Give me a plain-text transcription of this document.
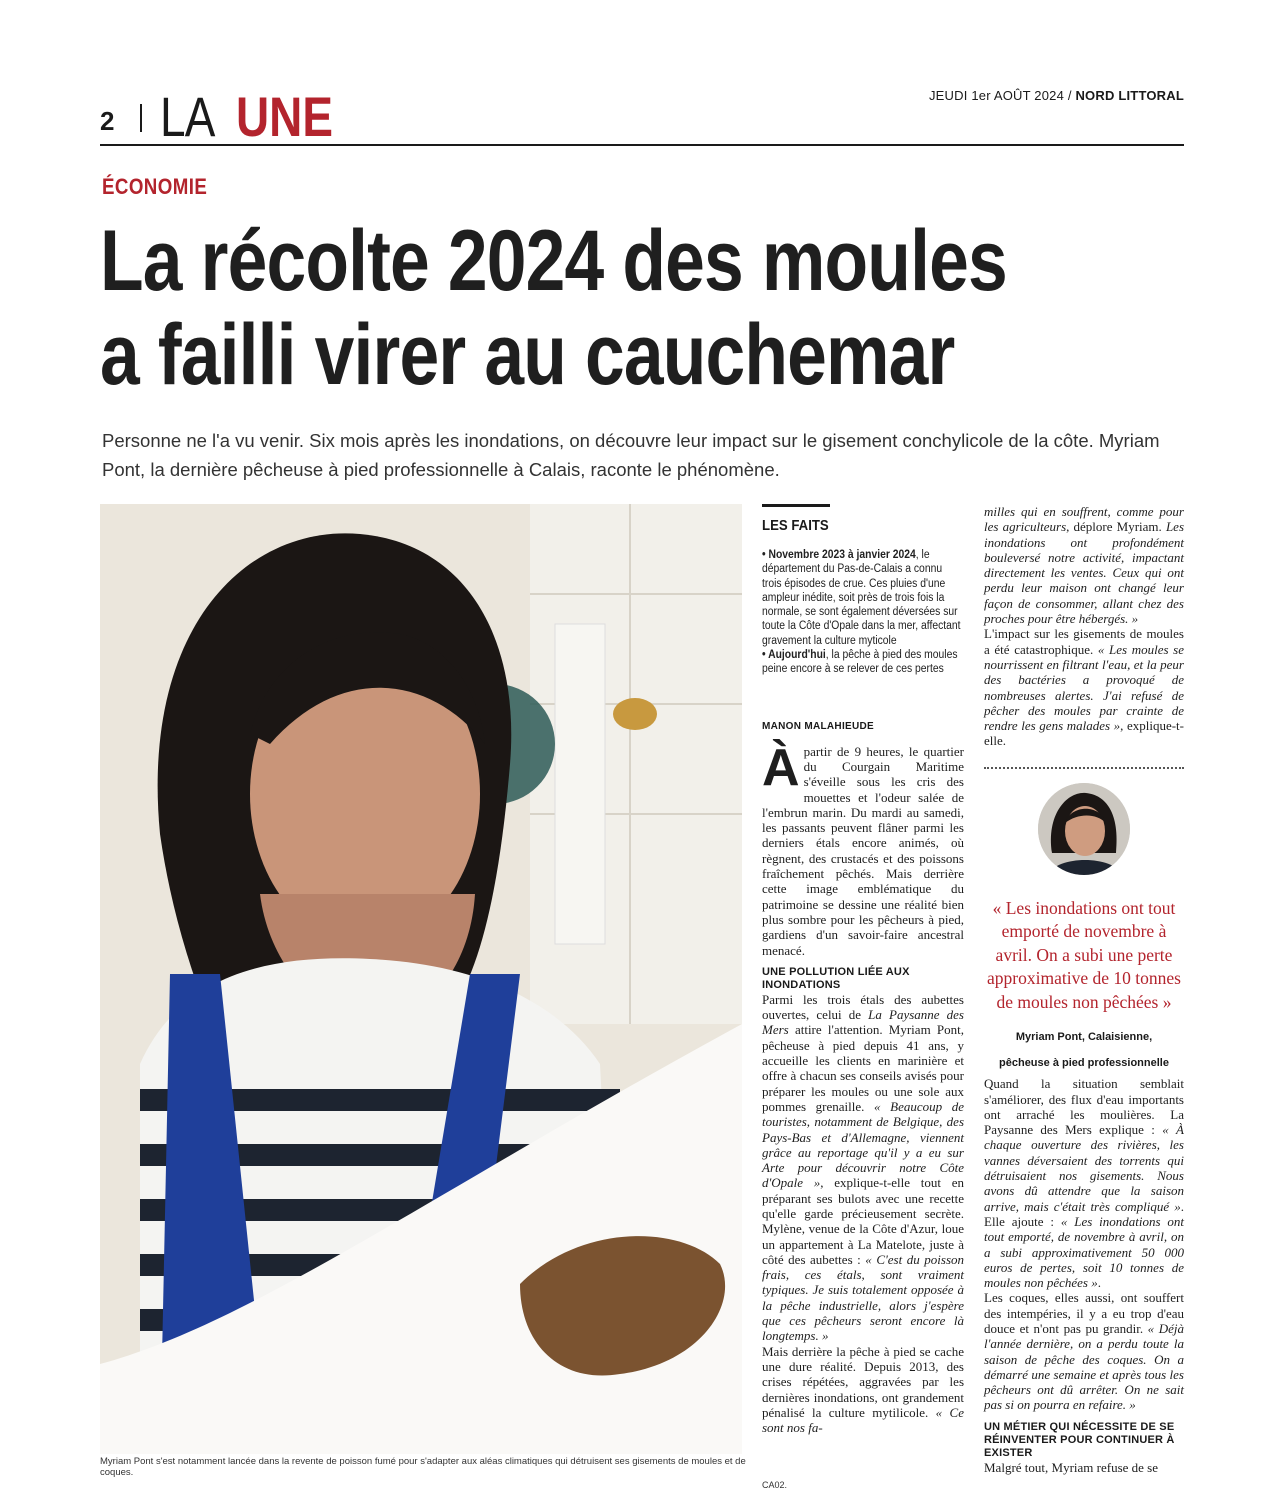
2 LA UNE	JEUDI 1er AOÛT 2024 / NORD LITTORAL
ÉCONOMIE
La récolte 2024 des moules
a failli virer au cauchemar

Personne ne l'a vu venir. Six mois après les inondations, on découvre leur impact sur le gisement conchylicole de la côte. Myriam Pont, la dernière pêcheuse à pied professionnelle à Calais, raconte le phénomène.

Myriam Pont s'est notamment lancée dans la revente de poisson fumé pour s'adapter aux aléas climatiques qui détruisent ses gisements de moules et de coques.

LES FAITS
• Novembre 2023 à janvier 2024, le département du Pas-de-Calais a connu trois épisodes de crue. Ces pluies d'une ampleur inédite, soit près de trois fois la normale, se sont également déversées sur toute la Côte d'Opale dans la mer, affectant gravement la culture myticole
• Aujourd'hui, la pêche à pied des moules peine encore à se relever de ces pertes
MANON MALAHIEUDE

Àpartir de 9 heures, le quartier du Courgain Maritime s'éveille sous les cris des mouettes et l'odeur salée de l'embrun marin. Du mardi au samedi, les passants peuvent flâner parmi les derniers étals encore animés, où règnent, des crustacés et des poissons fraîchement pêchés. Mais derrière cette image emblématique du patrimoine se dessine une réalité bien plus sombre pour les pêcheurs à pied, gardiens d'un savoir-faire ancestral menacé.

UNE POLLUTION LIÉE AUX INONDATIONS

Parmi les trois étals des aubettes ouvertes, celui de La Paysanne des Mers attire l'attention. Myriam Pont, pêcheuse à pied depuis 41 ans, y accueille les clients en marinière et offre à chacun ses conseils avisés pour préparer les moules ou une sole aux pommes grenaille. « Beaucoup de touristes, notamment de Belgique, des Pays-Bas et d'Allemagne, viennent grâce au reportage qu'il y a eu sur Arte pour découvrir notre Côte d'Opale », explique-t-elle tout en préparant ses bulots avec une recette qu'elle garde précieusement secrète. Mylène, venue de la Côte d'Azur, loue un appartement à La Matelote, juste à côté des aubettes : « C'est du poisson frais, ces étals, sont vraiment typiques. Je suis totalement opposée à la pêche industrielle, alors j'espère que ces pêcheurs seront encore là longtemps. »

Mais derrière la pêche à pied se cache une dure réalité. Depuis 2013, des crises répétées, aggravées par les dernières inondations, ont grandement pénalisé la culture mytilicole. « Ce sont nos fa-

milles qui en souffrent, comme pour les agriculteurs, déplore Myriam. Les inondations ont profondément bouleversé notre activité, impactant directement les ventes. Ceux qui ont perdu leur maison ont changé leur façon de consommer, allant chez des proches pour être hébergés. »
L'impact sur les gisements de moules a été catastrophique. « Les moules se nourrissent en filtrant l'eau, et la peur des bactéries a provoqué de nombreuses alertes. J'ai refusé de pêcher des moules par crainte de rendre les gens malades », explique-t-elle.

« Les inondations ont tout emporté de novembre à avril. On a subi une perte approximative de 10 tonnes de moules non pêchées »

Myriam Pont, Calaisienne,
pêcheuse à pied professionnelle

Quand la situation semblait s'améliorer, des flux d'eau importants ont arraché les moulières. La Paysanne des Mers explique : « À chaque ouverture des rivières, les vannes déversaient des torrents qui détruisaient nos gisements. Nous avons dû attendre que la saison arrive, mais c'était très compliqué ». Elle ajoute : « Les inondations ont tout emporté, de novembre à avril, on a subi approximativement 50 000 euros de pertes, soit 10 tonnes de moules non pêchées ».

Les coques, elles aussi, ont souffert des intempéries, il y a eu trop d'eau douce et n'ont pas pu grandir. « Déjà l'année dernière, on a perdu toute la saison de pêche des coques. On a démarré une semaine et après tous les pêcheurs ont dû arrêter. On ne sait pas si on pourra en refaire. »

UN MÉTIER QUI NÉCESSITE DE SE RÉINVENTER POUR CONTINUER À EXISTER

Malgré tout, Myriam refuse de se

CA02.
